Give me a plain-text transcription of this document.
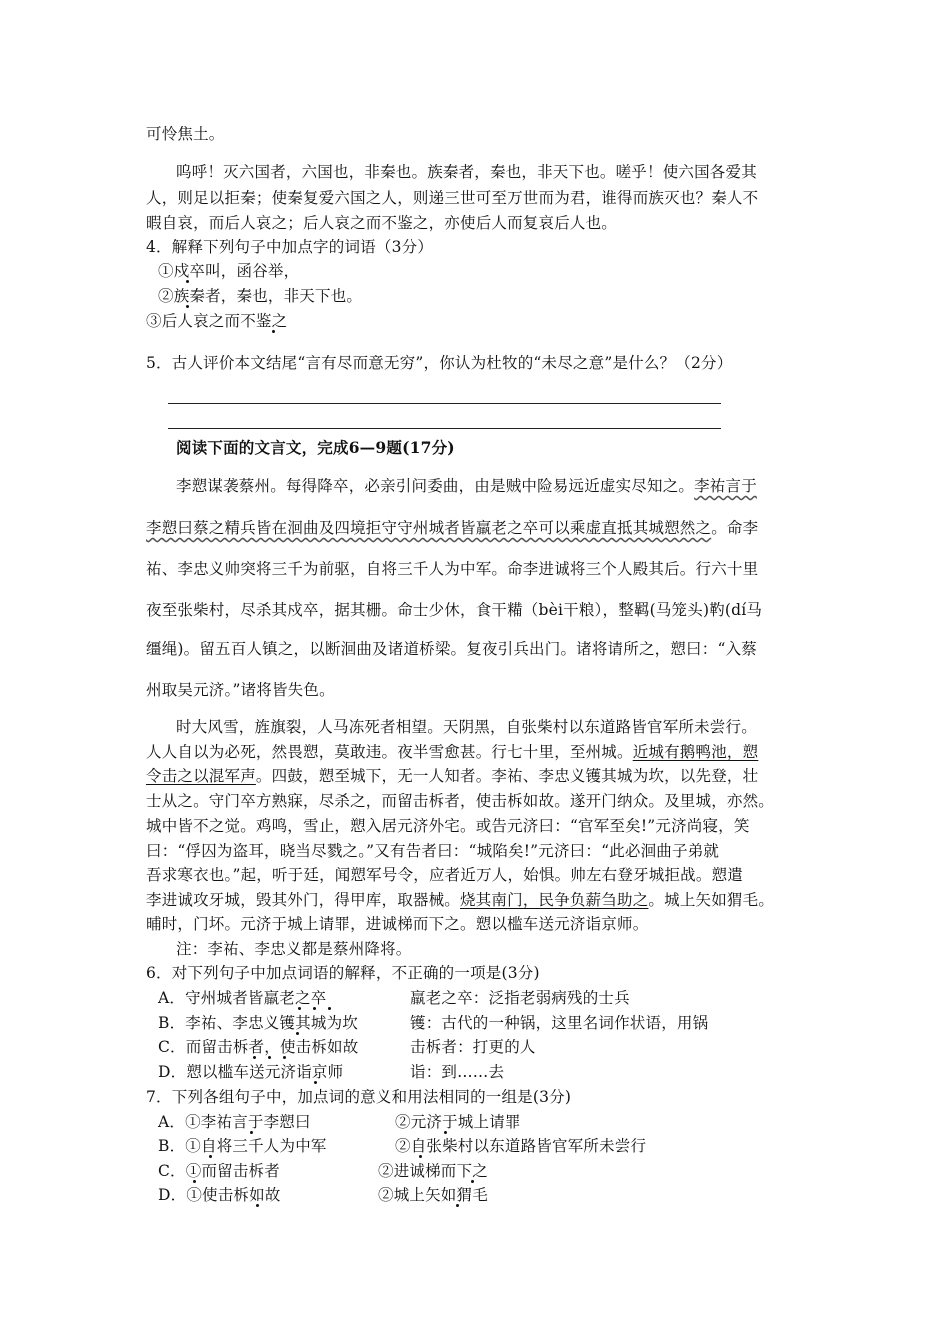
可怜焦土。
呜呼！灭六国者，六国也，非秦也。族秦者，秦也，非天下也。嗟乎！使六国各爱其
人，则足以拒秦；使秦复爱六国之人，则递三世可至万世而为君，谁得而族灭也？秦人不
暇自哀，而后人哀之；后人哀之而不鉴之，亦使后人而复哀后人也。
4．解释下列句子中加点字的词语（3分）
①戍卒叫，函谷举，
②族秦者，秦也，非天下也。
③后人哀之而不鉴之
5．古人评价本文结尾“言有尽而意无穷”，你认为杜牧的“未尽之意”是什么？（2分）
阅读下面的文言文，完成6—9题(17分)
李愬谋袭蔡州。每得降卒，必亲引问委曲，由是贼中险易远近虚实尽知之。李祐言于
李愬曰蔡之精兵皆在洄曲及四境拒守守州城者皆羸老之卒可以乘虚直抵其城愬然之。命李
祐、李忠义帅突将三千为前驱，自将三千人为中军。命李进诚将三个人殿其后。行六十里
夜至张柴村，尽杀其戍卒，据其栅。命士少休，食干糒（bèi干粮），整羁(马笼头)靮(dí马
缰绳)。留五百人镇之，以断洄曲及诸道桥梁。复夜引兵出门。诸将请所之，愬曰：“入蔡
州取吴元济。”诸将皆失色。
时大风雪，旌旗裂，人马冻死者相望。天阴黑，自张柴村以东道路皆官军所未尝行。
人人自以为必死，然畏愬，莫敢违。夜半雪愈甚。行七十里，至州城。近城有鹅鸭池，愬
令击之以混军声。四鼓，愬至城下，无一人知者。李祐、李忠义镬其城为坎，以先登，壮
士从之。守门卒方熟寐，尽杀之，而留击柝者，使击柝如故。遂开门纳众。及里城，亦然。
城中皆不之觉。鸡鸣，雪止，愬入居元济外宅。或告元济曰：“官军至矣!”元济尚寝，笑
曰：“俘囚为盗耳，晓当尽戮之。”又有告者曰：“城陷矣!”元济曰：“此必洄曲子弟就
吾求寒衣也。”起，听于廷，闻愬军号令，应者近万人，始惧。帅左右登牙城拒战。愬遣
李进诚攻牙城，毁其外门，得甲库，取器械。烧其南门，民争负薪刍助之。城上矢如猬毛。
晡时，门坏。元济于城上请罪，进诚梯而下之。愬以槛车送元济诣京师。
注：李祐、李忠义都是蔡州降将。
6．对下列句子中加点词语的解释，不正确的一项是(3分)
A．守州城者皆羸老之卒	羸老之卒：泛指老弱病残的士兵
B．李祐、李忠义镬其城为坎	镬：古代的一种锅，这里名词作状语，用锅
C．而留击柝者，使击柝如故	击柝者：打更的人
D．愬以槛车送元济诣京师	诣：到……去
7．下列各组句子中，加点词的意义和用法相同的一组是(3分)
A．①李祐言于李愬曰	②元济于城上请罪
B．①自将三千人为中军	②自张柴村以东道路皆官军所未尝行
C．①而留击柝者	②进诚梯而下之
D．①使击柝如故	②城上矢如猬毛
